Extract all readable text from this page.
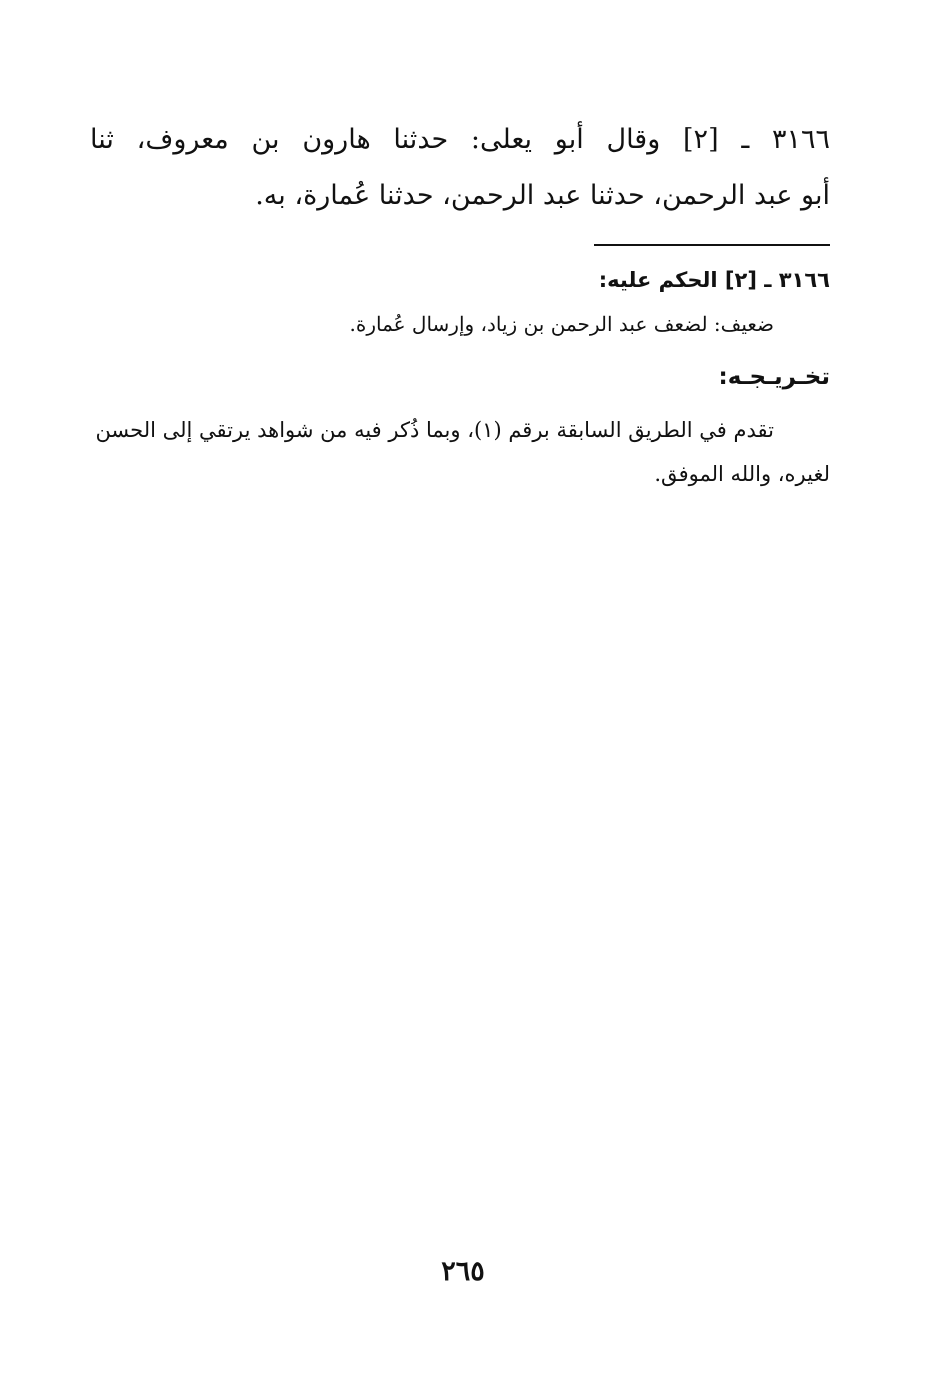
٣١٦٦ ـ [٢] وقال أبو يعلى: حدثنا هارون بن معروف، ثنا
أبو عبد الرحمن، حدثنا عبد الرحمن، حدثنا عُمارة، به.
٣١٦٦ ـ [٢] الحكم عليه:
ضعيف: لضعف عبد الرحمن بن زياد، وإرسال عُمارة.
تخـريـجـه:
تقدم في الطريق السابقة برقم (١)، وبما ذُكر فيه من شواهد يرتقي إلى الحسن
لغيره، والله الموفق.
٢٦٥
